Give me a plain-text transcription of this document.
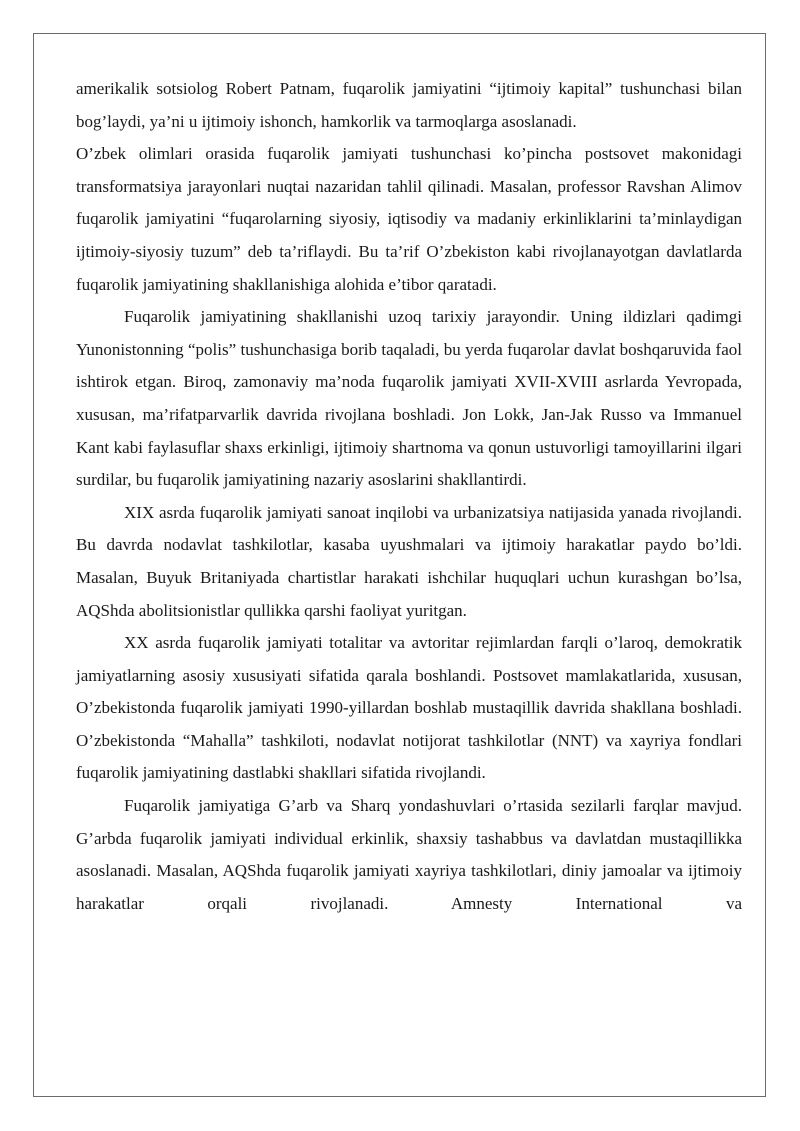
amerikalik sotsiolog Robert Patnam, fuqarolik jamiyatini “ijtimoiy kapital” tushunchasi bilan bog’laydi, ya’ni u ijtimoiy ishonch, hamkorlik va tarmoqlarga asoslanadi.

O’zbek olimlari orasida fuqarolik jamiyati tushunchasi ko’pincha postsovet makonidagi transformatsiya jarayonlari nuqtai nazaridan tahlil qilinadi. Masalan, professor Ravshan Alimov fuqarolik jamiyatini “fuqarolarning siyosiy, iqtisodiy va madaniy erkinliklarini ta’minlaydigan ijtimoiy-siyosiy tuzum” deb ta’riflaydi. Bu ta’rif O’zbekiston kabi rivojlanayotgan davlatlarda fuqarolik jamiyatining shakllanishiga alohida e’tibor qaratadi.

Fuqarolik jamiyatining shakllanishi uzoq tarixiy jarayondir. Uning ildizlari qadimgi Yunonistonning “polis” tushunchasiga borib taqaladi, bu yerda fuqarolar davlat boshqaruvida faol ishtirok etgan. Biroq, zamonaviy ma’noda fuqarolik jamiyati XVII-XVIII asrlarda Yevropada, xususan, ma’rifatparvarlik davrida rivojlana boshladi. Jon Lokk, Jan-Jak Russo va Immanuel Kant kabi faylasuflar shaxs erkinligi, ijtimoiy shartnoma va qonun ustuvorligi tamoyillarini ilgari surdilar, bu fuqarolik jamiyatining nazariy asoslarini shakllantirdi.

XIX asrda fuqarolik jamiyati sanoat inqilobi va urbanizatsiya natijasida yanada rivojlandi. Bu davrda nodavlat tashkilotlar, kasaba uyushmalari va ijtimoiy harakatlar paydo bo’ldi. Masalan, Buyuk Britaniyada chartistlar harakati ishchilar huquqlari uchun kurashgan bo’lsa, AQShda abolitsionistlar qullikka qarshi faoliyat yuritgan.

XX asrda fuqarolik jamiyati totalitar va avtoritar rejimlardan farqli o’laroq, demokratik jamiyatlarning asosiy xususiyati sifatida qarala boshlandi. Postsovet mamlakatlarida, xususan, O’zbekistonda fuqarolik jamiyati 1990-yillardan boshlab mustaqillik davrida shakllana boshladi. O’zbekistonda “Mahalla” tashkiloti, nodavlat notijorat tashkilotlar (NNT) va xayriya fondlari fuqarolik jamiyatining dastlabki shakllari sifatida rivojlandi.

Fuqarolik jamiyatiga G’arb va Sharq yondashuvlari o’rtasida sezilarli farqlar mavjud. G’arbda fuqarolik jamiyati individual erkinlik, shaxsiy tashabbus va davlatdan mustaqillikka asoslanadi. Masalan, AQShda fuqarolik jamiyati xayriya tashkilotlari, diniy jamoalar va ijtimoiy harakatlar orqali rivojlanadi. Amnesty International va
